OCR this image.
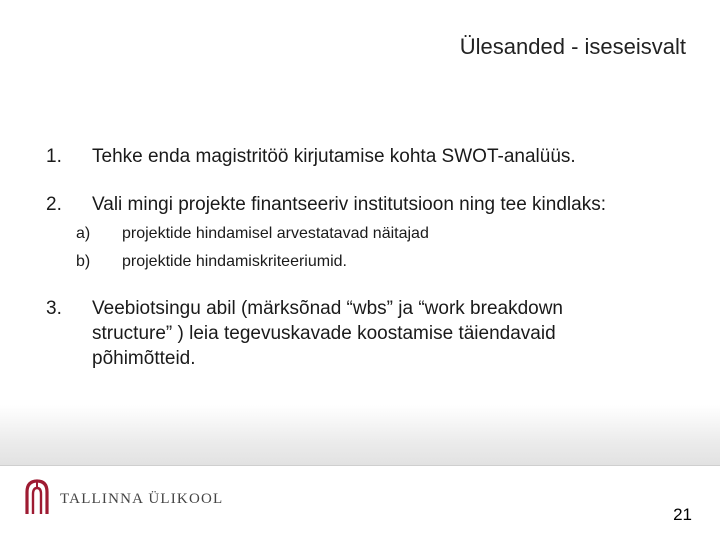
Ülesanded - iseseisvalt
1. Tehke enda magistritöö kirjutamise kohta SWOT-analüüs.
2. Vali mingi projekte finantseeriv institutsioon ning tee kindlaks:
a) projektide hindamisel arvestatavad näitajad
b) projektide hindamiskriteeriumid.
3. Veebiotsingu abil (märksõnad “wbs” ja “work breakdown
structure” ) leia tegevuskavade koostamise täiendavaid
põhimõtteid.
TALLINNA ÜLIKOOL
21
